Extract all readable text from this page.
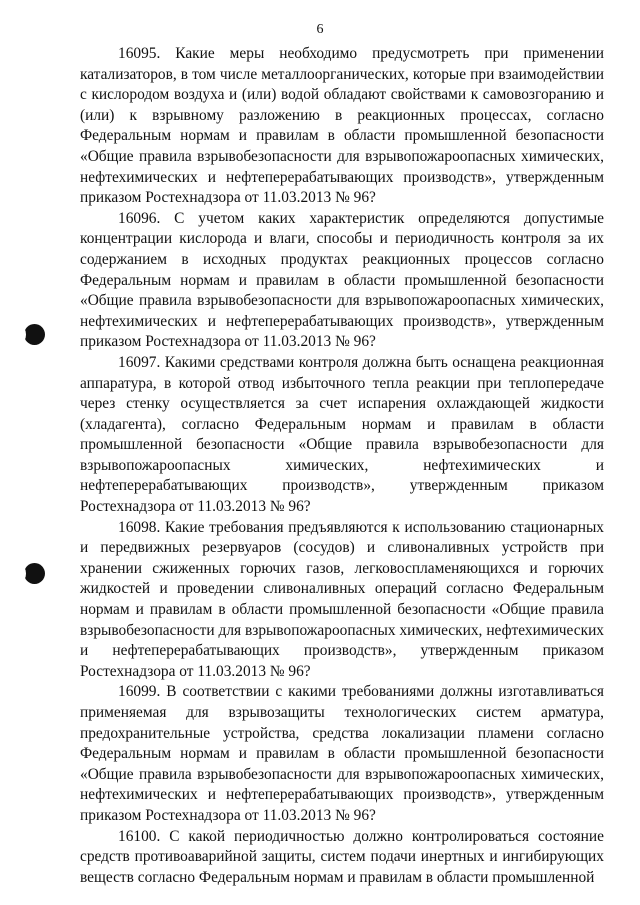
6

16095. Какие меры необходимо предусмотреть при применении катализаторов, в том числе металлоорганических, которые при взаимодействии с кислородом воздуха и (или) водой обладают свойствами к самовозгоранию и (или) к взрывному разложению в реакционных процессах, согласно Федеральным нормам и правилам в области промышленной безопасности «Общие правила взрывобезопасности для взрывопожароопасных химических, нефтехимических и нефтеперерабатывающих производств», утвержденным приказом Ростехнадзора от 11.03.2013 № 96?

16096. С учетом каких характеристик определяются допустимые концентрации кислорода и влаги, способы и периодичность контроля за их содержанием в исходных продуктах реакционных процессов согласно Федеральным нормам и правилам в области промышленной безопасности «Общие правила взрывобезопасности для взрывопожароопасных химических, нефтехимических и нефтеперерабатывающих производств», утвержденным приказом Ростехнадзора от 11.03.2013 № 96?

16097. Какими средствами контроля должна быть оснащена реакционная аппаратура, в которой отвод избыточного тепла реакции при теплопередаче через стенку осуществляется за счет испарения охлаждающей жидкости (хладагента), согласно Федеральным нормам и правилам в области промышленной безопасности «Общие правила взрывобезопасности для взрывопожароопасных химических, нефтехимических и нефтеперерабатывающих производств», утвержденным приказом Ростехнадзора от 11.03.2013 № 96?

16098. Какие требования предъявляются к использованию стационарных и передвижных резервуаров (сосудов) и сливоналивных устройств при хранении сжиженных горючих газов, легковоспламеняющихся и горючих жидкостей и проведении сливоналивных операций согласно Федеральным нормам и правилам в области промышленной безопасности «Общие правила взрывобезопасности для взрывопожароопасных химических, нефтехимических и нефтеперерабатывающих производств», утвержденным приказом Ростехнадзора от 11.03.2013 № 96?

16099. В соответствии с какими требованиями должны изготавливаться применяемая для взрывозащиты технологических систем арматура, предохранительные устройства, средства локализации пламени согласно Федеральным нормам и правилам в области промышленной безопасности «Общие правила взрывобезопасности для взрывопожароопасных химических, нефтехимических и нефтеперерабатывающих производств», утвержденным приказом Ростехнадзора от 11.03.2013 № 96?

16100. С какой периодичностью должно контролироваться состояние средств противоаварийной защиты, систем подачи инертных и ингибирующих веществ согласно Федеральным нормам и правилам в области промышленной
